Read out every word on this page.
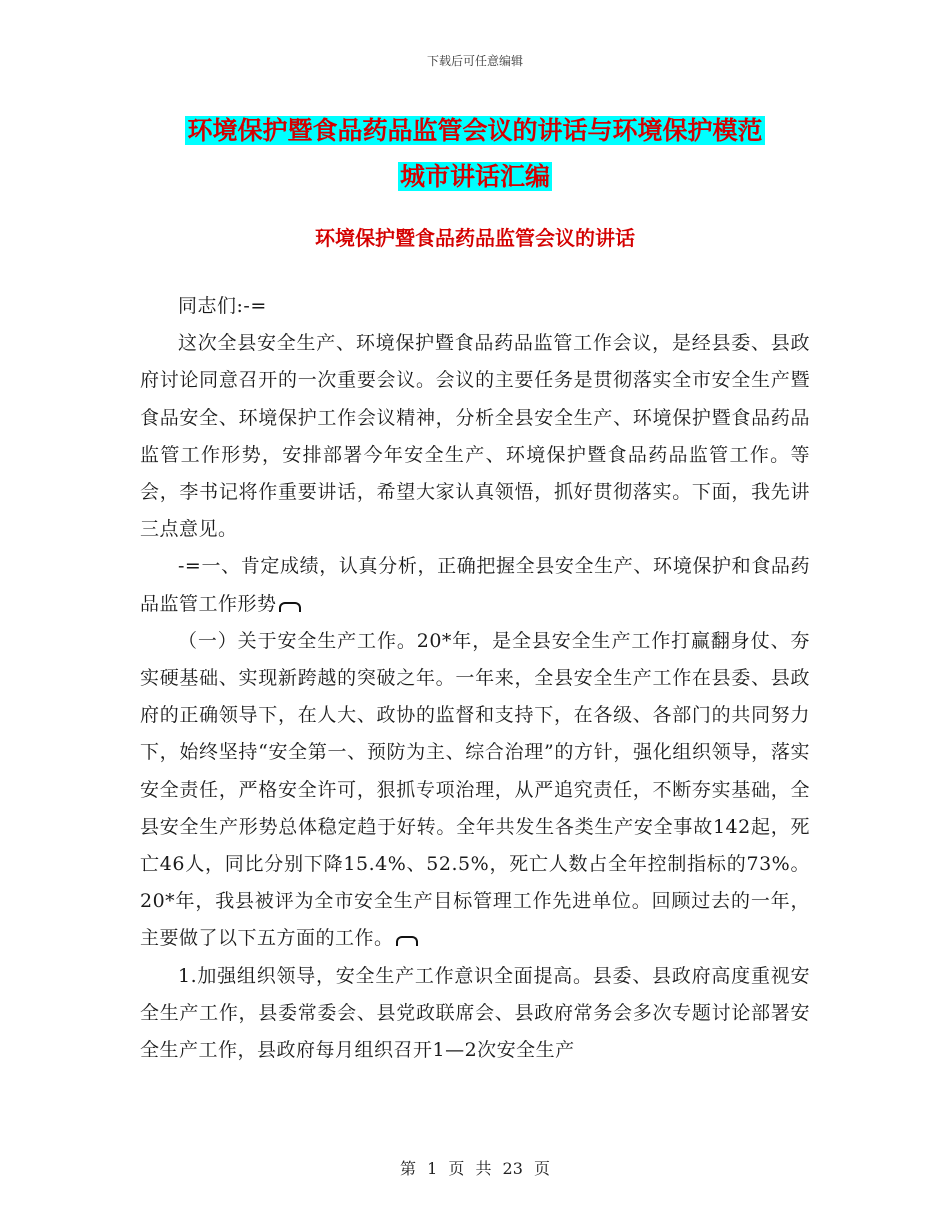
下载后可任意编辑
环境保护暨食品药品监管会议的讲话与环境保护模范
城市讲话汇编
环境保护暨食品药品监管会议的讲话

同志们:-=

这次全县安全生产、环境保护暨食品药品监管工作会议，是经县委、县政府讨论同意召开的一次重要会议。会议的主要任务是贯彻落实全市安全生产暨食品安全、环境保护工作会议精神，分析全县安全生产、环境保护暨食品药品监管工作形势，安排部署今年安全生产、环境保护暨食品药品监管工作。等会，李书记将作重要讲话，希望大家认真领悟，抓好贯彻落实。下面，我先讲三点意见。

-=一、肯定成绩，认真分析，正确把握全县安全生产、环境保护和食品药品监管工作形势

（一）关于安全生产工作。20*年，是全县安全生产工作打赢翻身仗、夯实硬基础、实现新跨越的突破之年。一年来，全县安全生产工作在县委、县政府的正确领导下，在人大、政协的监督和支持下，在各级、各部门的共同努力下，始终坚持“安全第一、预防为主、综合治理”的方针，强化组织领导，落实安全责任，严格安全许可，狠抓专项治理，从严追究责任，不断夯实基础，全县安全生产形势总体稳定趋于好转。全年共发生各类生产安全事故142起，死亡46人，同比分别下降15.4%、52.5%，死亡人数占全年控制指标的73%。20*年，我县被评为全市安全生产目标管理工作先进单位。回顾过去的一年，主要做了以下五方面的工作。

1.加强组织领导，安全生产工作意识全面提高。县委、县政府高度重视安全生产工作，县委常委会、县党政联席会、县政府常务会多次专题讨论部署安全生产工作，县政府每月组织召开1—2次安全生产

第 1 页 共 23 页
